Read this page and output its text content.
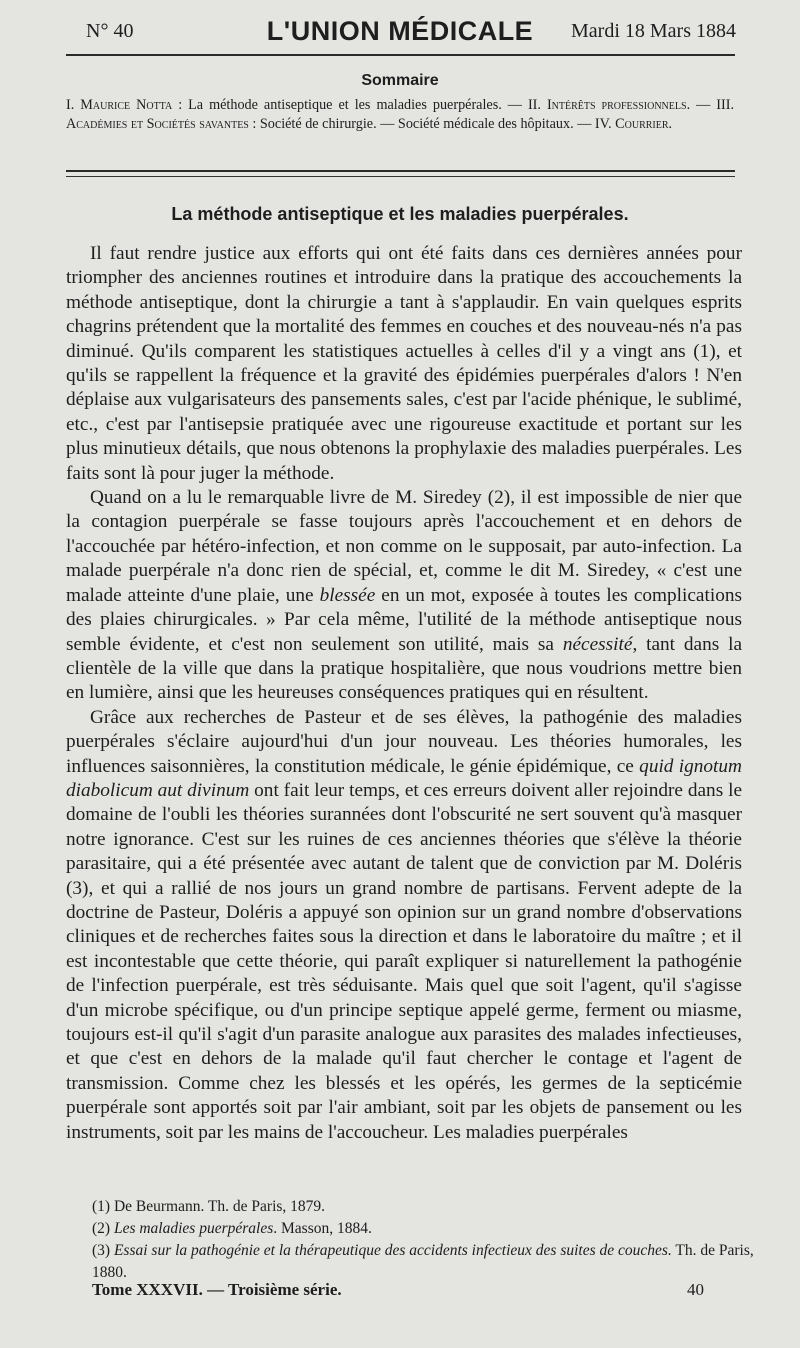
N° 40	L'UNION MÉDICALE	Mardi 18 Mars 1884
Sommaire
I. Maurice Notta : La méthode antiseptique et les maladies puerpérales. — II. Intérêts professionnels. — III. Académies et Sociétés savantes : Société de chirurgie. — Société médicale des hôpitaux. — IV. Courrier.
La méthode antiseptique et les maladies puerpérales.

Il faut rendre justice aux efforts qui ont été faits dans ces dernières années pour triompher des anciennes routines et introduire dans la pratique des accouchements la méthode antiseptique, dont la chirurgie a tant à s'applaudir. En vain quelques esprits chagrins prétendent que la mortalité des femmes en couches et des nouveau-nés n'a pas diminué. Qu'ils comparent les statistiques actuelles à celles d'il y a vingt ans (1), et qu'ils se rappellent la fréquence et la gravité des épidémies puerpérales d'alors ! N'en déplaise aux vulgarisateurs des pansements sales, c'est par l'acide phénique, le sublimé, etc., c'est par l'antisepsie pratiquée avec une rigoureuse exactitude et portant sur les plus minutieux détails, que nous obtenons la prophylaxie des maladies puerpérales. Les faits sont là pour juger la méthode.

Quand on a lu le remarquable livre de M. Siredey (2), il est impossible de nier que la contagion puerpérale se fasse toujours après l'accouchement et en dehors de l'accouchée par hétéro-infection, et non comme on le supposait, par auto-infection. La malade puerpérale n'a donc rien de spécial, et, comme le dit M. Siredey, « c'est une malade atteinte d'une plaie, une blessée en un mot, exposée à toutes les complications des plaies chirurgicales. » Par cela même, l'utilité de la méthode antiseptique nous semble évidente, et c'est non seulement son utilité, mais sa nécessité, tant dans la clientèle de la ville que dans la pratique hospitalière, que nous voudrions mettre bien en lumière, ainsi que les heureuses conséquences pratiques qui en résultent.

Grâce aux recherches de Pasteur et de ses élèves, la pathogénie des maladies puerpérales s'éclaire aujourd'hui d'un jour nouveau. Les théories humorales, les influences saisonnières, la constitution médicale, le génie épidémique, ce quid ignotum diabolicum aut divinum ont fait leur temps, et ces erreurs doivent aller rejoindre dans le domaine de l'oubli les théories surannées dont l'obscurité ne sert souvent qu'à masquer notre ignorance. C'est sur les ruines de ces anciennes théories que s'élève la théorie parasitaire, qui a été présentée avec autant de talent que de conviction par M. Doléris (3), et qui a rallié de nos jours un grand nombre de partisans. Fervent adepte de la doctrine de Pasteur, Doléris a appuyé son opinion sur un grand nombre d'observations cliniques et de recherches faites sous la direction et dans le laboratoire du maître ; et il est incontestable que cette théorie, qui paraît expliquer si naturellement la pathogénie de l'infection puerpérale, est très séduisante. Mais quel que soit l'agent, qu'il s'agisse d'un microbe spécifique, ou d'un principe septique appelé germe, ferment ou miasme, toujours est-il qu'il s'agit d'un parasite analogue aux parasites des malades infectieuses, et que c'est en dehors de la malade qu'il faut chercher le contage et l'agent de transmission. Comme chez les blessés et les opérés, les germes de la septicémie puerpérale sont apportés soit par l'air ambiant, soit par les objets de pansement ou les instruments, soit par les mains de l'accoucheur. Les maladies puerpérales

(1) De Beurmann. Th. de Paris, 1879.
(2) Les maladies puerpérales. Masson, 1884.
(3) Essai sur la pathogénie et la thérapeutique des accidents infectieux des suites de couches. Th. de Paris, 1880.
Tome XXXVII. — Troisième série.	40
